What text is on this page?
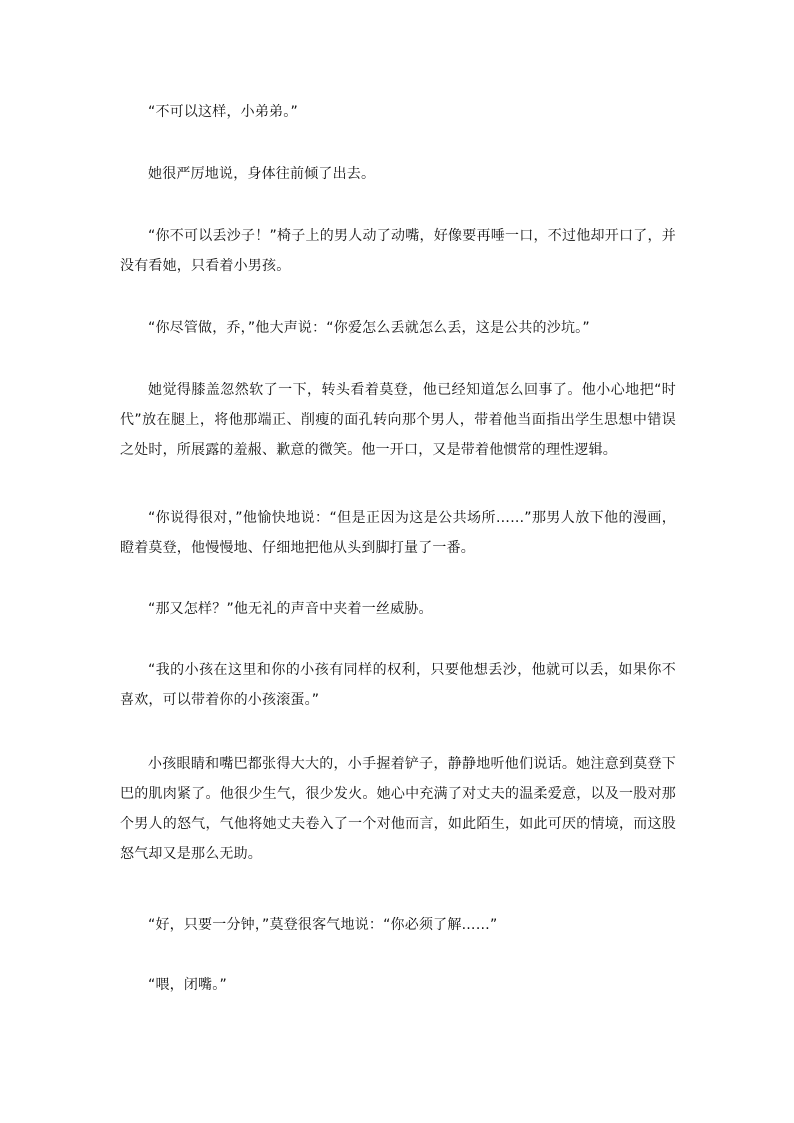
“不可以这样，小弟弟。”

她很严厉地说，身体往前倾了出去。

“你不可以丢沙子！”椅子上的男人动了动嘴，好像要再唾一口，不过他却开口了，并没有看她，只看着小男孩。

“你尽管做，乔，”他大声说：“你爱怎么丢就怎么丢，这是公共的沙坑。”

她觉得膝盖忽然软了一下，转头看着莫登，他已经知道怎么回事了。他小心地把“时代”放在腿上，将他那端正、削瘦的面孔转向那个男人，带着他当面指出学生思想中错误之处时，所展露的羞赧、歉意的微笑。他一开口，又是带着他惯常的理性逻辑。

“你说得很对，”他愉快地说：“但是正因为这是公共场所……”那男人放下他的漫画，瞪着莫登，他慢慢地、仔细地把他从头到脚打量了一番。

“那又怎样？”他无礼的声音中夹着一丝威胁。

“我的小孩在这里和你的小孩有同样的权利，只要他想丢沙，他就可以丢，如果你不喜欢，可以带着你的小孩滚蛋。”

小孩眼睛和嘴巴都张得大大的，小手握着铲子，静静地听他们说话。她注意到莫登下巴的肌肉紧了。他很少生气，很少发火。她心中充满了对丈夫的温柔爱意，以及一股对那个男人的怒气，气他将她丈夫卷入了一个对他而言，如此陌生，如此可厌的情境，而这股怒气却又是那么无助。

“好，只要一分钟，”莫登很客气地说：“你必须了解……”

“喂，闭嘴。”
